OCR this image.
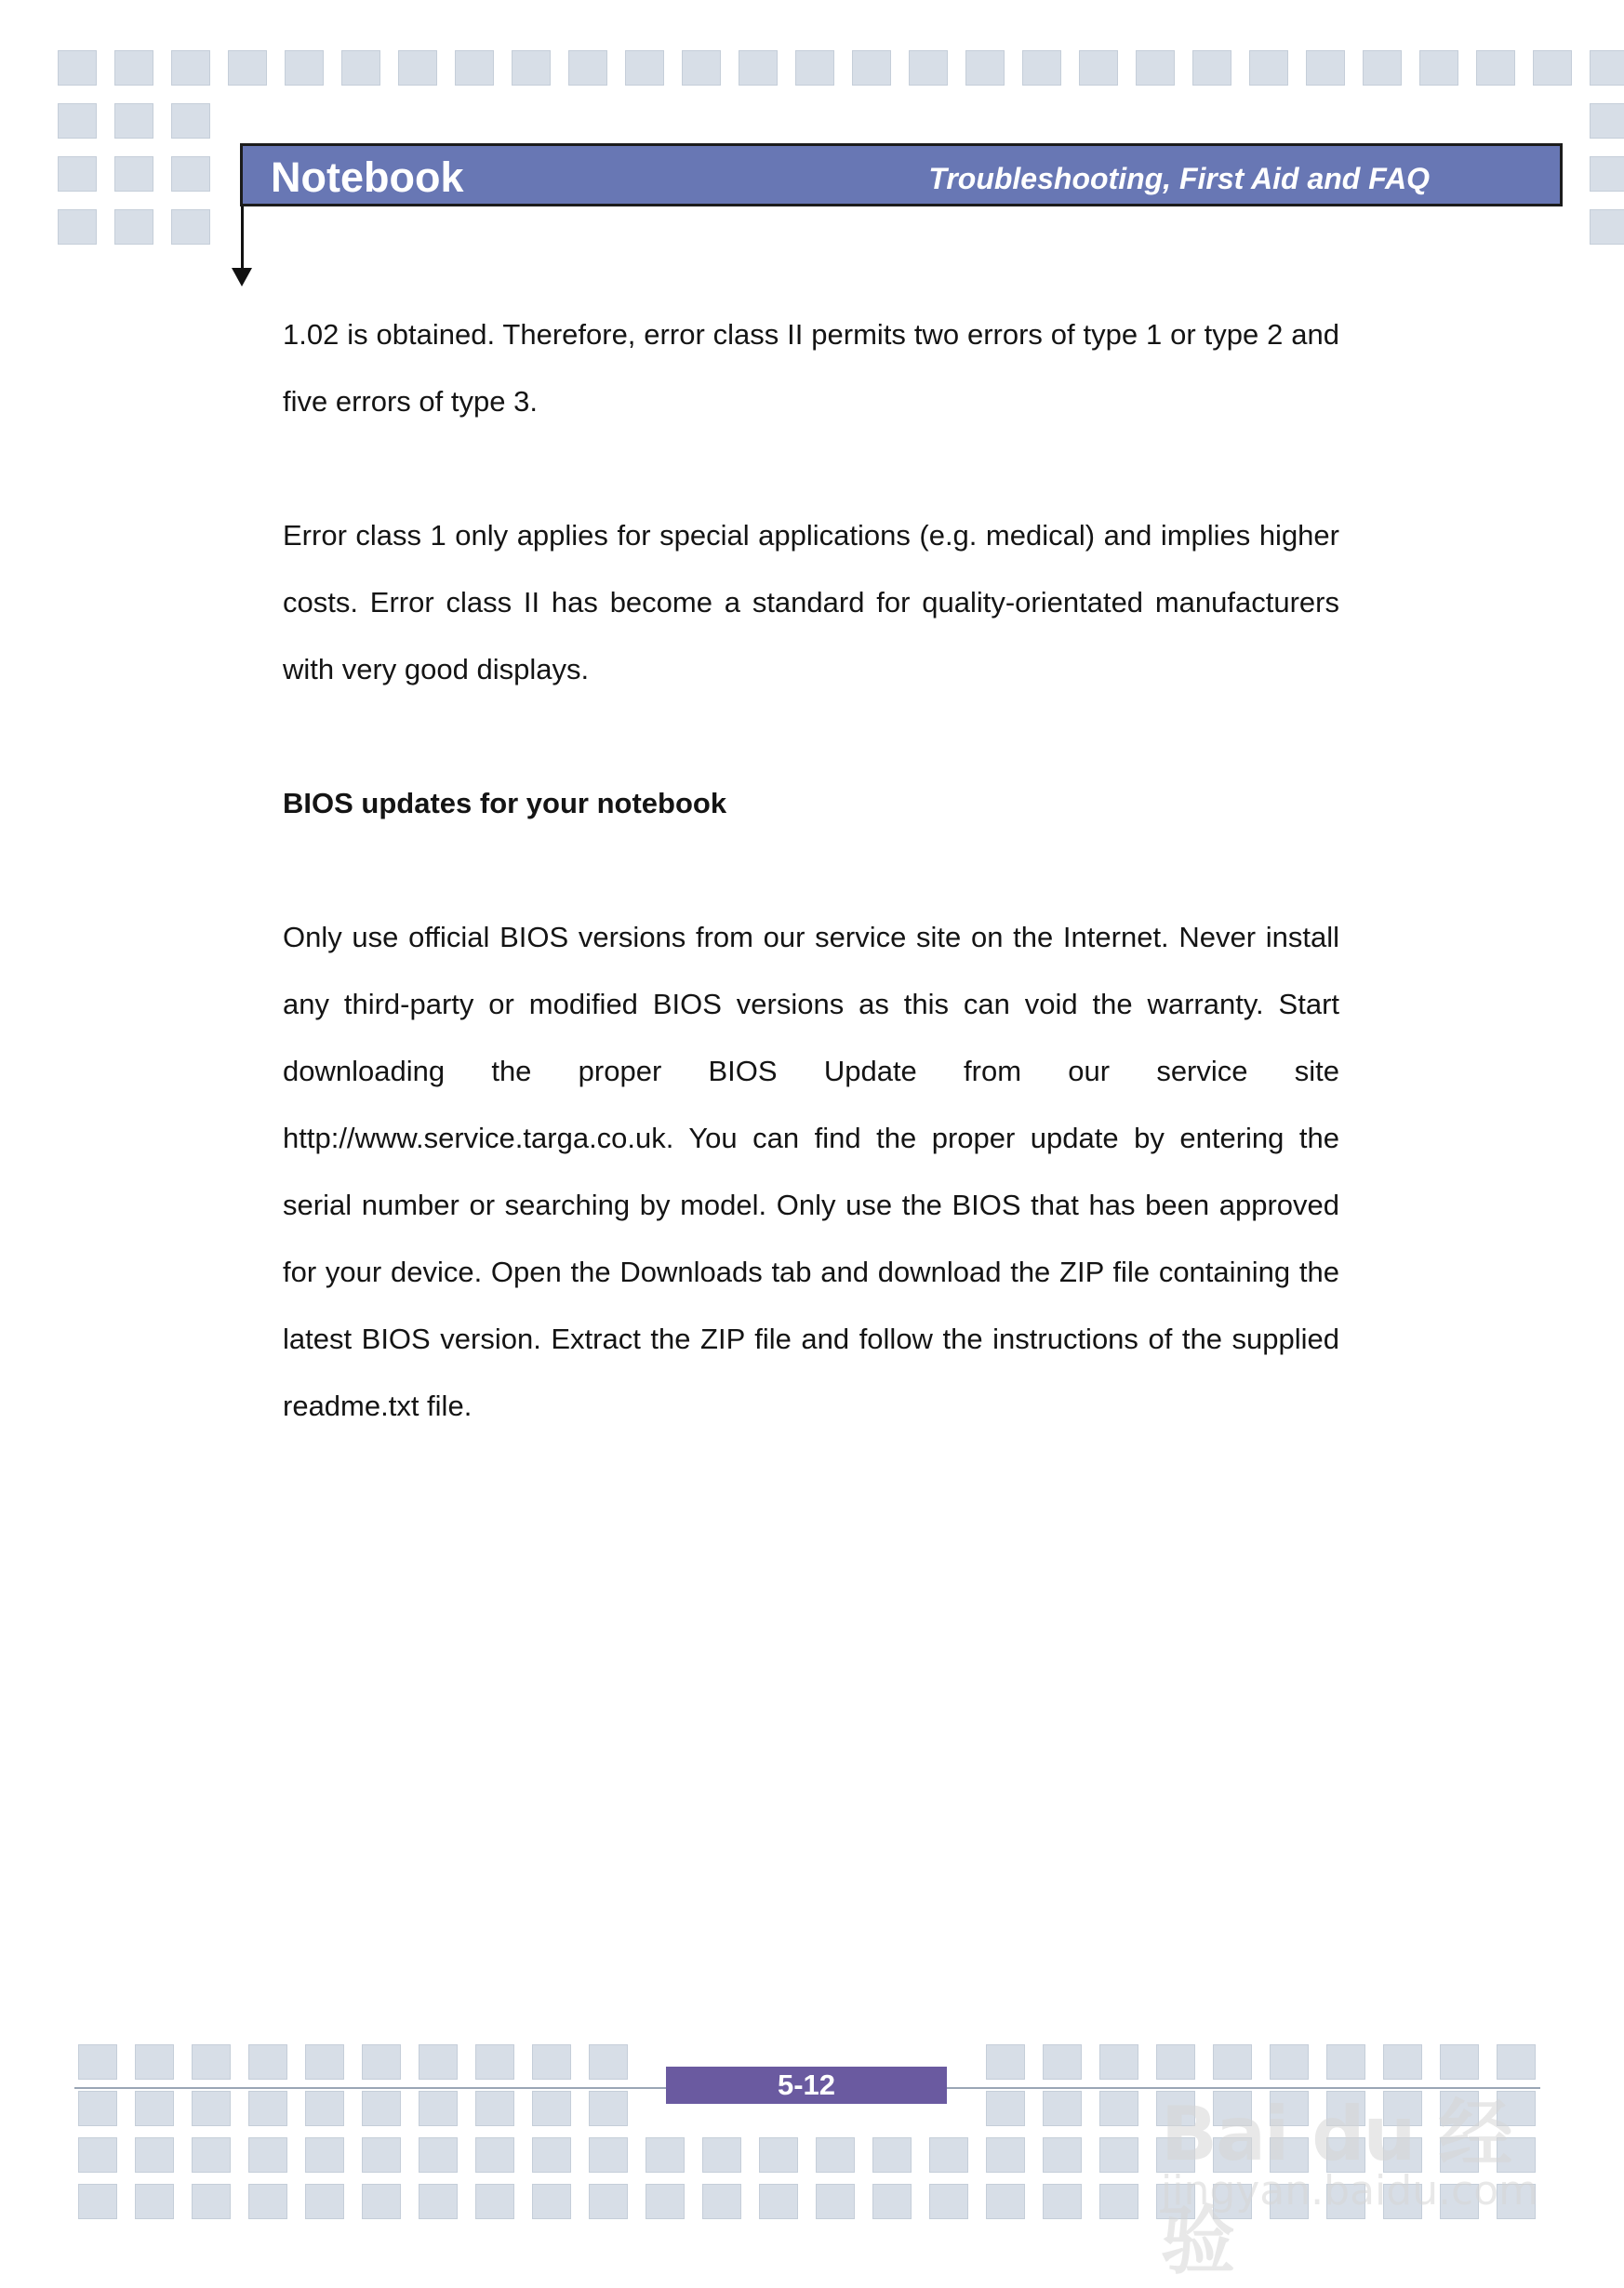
Notebook	Troubleshooting, First Aid and FAQ

1.02 is obtained. Therefore, error class II permits two errors of type 1 or type 2 and five errors of type 3.

Error class 1 only applies for special applications (e.g. medical) and implies higher costs. Error class II has become a standard for quality-orientated manufacturers with very good displays.

BIOS updates for your notebook

Only use official BIOS versions from our service site on the Internet. Never install any third-party or modified BIOS versions as this can void the warranty. Start downloading the proper BIOS Update from our service site http://www.service.targa.co.uk. You can find the proper update by entering the serial number or searching by model. Only use the BIOS that has been approved for your device. Open the Downloads tab and download the ZIP file containing the latest BIOS version. Extract the ZIP file and follow the instructions of the supplied readme.txt file.

5-12
Bai du 经验
jingyan.baidu.com
